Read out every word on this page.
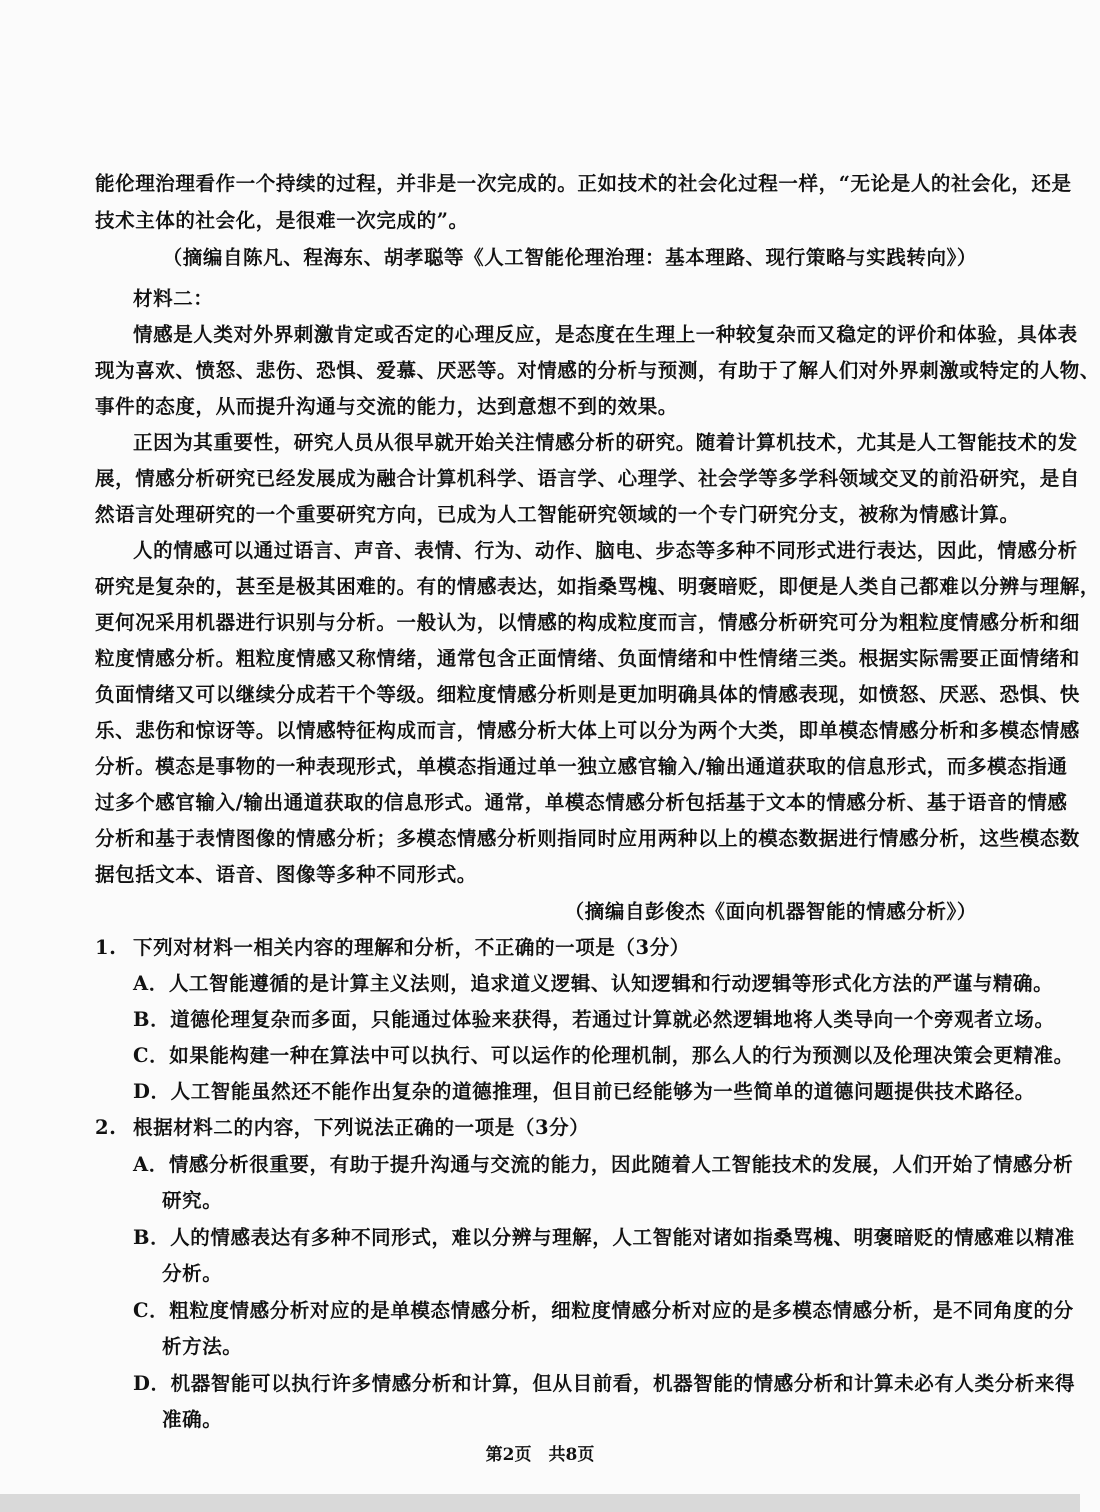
能伦理治理看作一个持续的过程，并非是一次完成的。正如技术的社会化过程一样，“无论是人的社会化，还是
技术主体的社会化，是很难一次完成的”。
（摘编自陈凡、程海东、胡孝聪等《人工智能伦理治理：基本理路、现行策略与实践转向》）
材料二：
情感是人类对外界刺激肯定或否定的心理反应，是态度在生理上一种较复杂而又稳定的评价和体验，具体表
现为喜欢、愤怒、悲伤、恐惧、爱慕、厌恶等。对情感的分析与预测，有助于了解人们对外界刺激或特定的人物、
事件的态度，从而提升沟通与交流的能力，达到意想不到的效果。
正因为其重要性，研究人员从很早就开始关注情感分析的研究。随着计算机技术，尤其是人工智能技术的发
展，情感分析研究已经发展成为融合计算机科学、语言学、心理学、社会学等多学科领域交叉的前沿研究，是自
然语言处理研究的一个重要研究方向，已成为人工智能研究领域的一个专门研究分支，被称为情感计算。
人的情感可以通过语言、声音、表情、行为、动作、脑电、步态等多种不同形式进行表达，因此，情感分析
研究是复杂的，甚至是极其困难的。有的情感表达，如指桑骂槐、明褒暗贬，即便是人类自己都难以分辨与理解，
更何况采用机器进行识别与分析。一般认为，以情感的构成粒度而言，情感分析研究可分为粗粒度情感分析和细
粒度情感分析。粗粒度情感又称情绪，通常包含正面情绪、负面情绪和中性情绪三类。根据实际需要正面情绪和
负面情绪又可以继续分成若干个等级。细粒度情感分析则是更加明确具体的情感表现，如愤怒、厌恶、恐惧、快
乐、悲伤和惊讶等。以情感特征构成而言，情感分析大体上可以分为两个大类，即单模态情感分析和多模态情感
分析。模态是事物的一种表现形式，单模态指通过单一独立感官输入/输出通道获取的信息形式，而多模态指通
过多个感官输入/输出通道获取的信息形式。通常，单模态情感分析包括基于文本的情感分析、基于语音的情感
分析和基于表情图像的情感分析；多模态情感分析则指同时应用两种以上的模态数据进行情感分析，这些模态数
据包括文本、语音、图像等多种不同形式。
（摘编自彭俊杰《面向机器智能的情感分析》）
1. 下列对材料一相关内容的理解和分析，不正确的一项是（3分）
A．人工智能遵循的是计算主义法则，追求道义逻辑、认知逻辑和行动逻辑等形式化方法的严谨与精确。
B．道德伦理复杂而多面，只能通过体验来获得，若通过计算就必然逻辑地将人类导向一个旁观者立场。
C．如果能构建一种在算法中可以执行、可以运作的伦理机制，那么人的行为预测以及伦理决策会更精准。
D．人工智能虽然还不能作出复杂的道德推理，但目前已经能够为一些简单的道德问题提供技术路径。
2. 根据材料二的内容，下列说法正确的一项是（3分）
A．情感分析很重要，有助于提升沟通与交流的能力，因此随着人工智能技术的发展，人们开始了情感分析
研究。
B．人的情感表达有多种不同形式，难以分辨与理解，人工智能对诸如指桑骂槐、明褒暗贬的情感难以精准
分析。
C．粗粒度情感分析对应的是单模态情感分析，细粒度情感分析对应的是多模态情感分析，是不同角度的分
析方法。
D．机器智能可以执行许多情感分析和计算，但从目前看，机器智能的情感分析和计算未必有人类分析来得
准确。
第2页　共8页
